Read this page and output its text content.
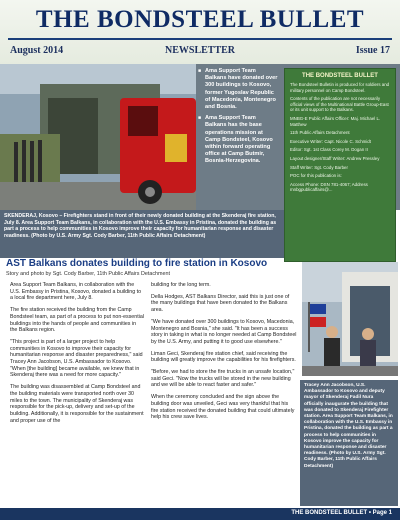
THE BONDSTEEL BULLET
August 2014	NEWSLETTER	Issue 17
■ Ama Support Team Balkans have donated over 300 buildings to Kosovo, former Yugoslav Republic of Macedonia, Montenegro and Bosnia.
■ Ama Support Team Balkans has the base operations mission at Camp Bondsteel, Kosovo within forward operating office at Camp Butmir, Bosnia-Herzegovina.
SKENDERAJ, Kosovo – Firefighters stand in front of their newly donated building at the Skenderaj fire station, July 8. Area Support Team Balkans, in collaboration with the U.S. Embassy in Pristina, donated the building as part a process to help communities in Kosovo improve their capacity for humanitarian response and disaster readiness. (Photo by U.S. Army Sgt. Cody Barber, 11th Public Affairs Detachment)
THE BONDSTEEL BULLET
The Bondsteel Bulletin is produced for soldiers and military personnel on Camp Bondsteel.
Contents of the publication are not necessarily official views of the Multinational Battle Group-East or its unit support to the Balkans.
MNBG-E Public Affairs Officer: Maj. Michael L. Matthew
11th Public Affairs Detachment
Executive Writer: Capt. Nicole C. Schmidt
Editor: Sgt. 1st Class Corey M. Dogan II
Layout designer/Staff Writer: Andrew Pressley
Staff Writer: Sgt. Cody Barber
POC for this publication is:
Access Phone: DSN 781-4067; Address mnbgpublicaffairs@...
AST Balkans donates building to fire station in Kosovo
Story and photo by Sgt. Cody Barber, 11th Public Affairs Detachment

Area Support Team Balkans, in collaboration with the U.S. Embassy in Pristina, Kosovo, donated a building to a local fire department here, July 8.

The fire station received the building from the Camp Bondsteel team, as part of a process to put non-essential buildings into the hands of people and communities in the Balkans region.

"This project is part of a larger project to help communities in Kosovo to improve their capacity for humanitarian response and disaster preparedness," said Tracey Ann Jacobson, U.S. Ambassador to Kosovo. "When [the building] became available, we knew that in Skenderaj there was a need for more capacity."

The building was disassembled at Camp Bondsteel and the building materials were transported north over 30 miles to the town. The municipality of Skenderaj was responsible for the pick-up, delivery and set-up of the building. Additionally, it is responsible for the sustainment and proper use of the

building for the long term.

Della Hodges, AST Balkans Director, said this is just one of the many buildings that have been donated to the Balkans area.

"We have donated over 300 buildings to Kosovo, Macedonia, Montenegro and Bosnia," she said. "It has been a success story in taking in what is no longer needed at Camp Bondsteel by the U.S. Army, and putting it to good use elsewhere."

Liman Geci, Skenderaj fire station chief, said receiving the building will greatly improve the capabilities for his firefighters.

"Before, we had to store the fire trucks in an unsafe location," said Geci. "Now the trucks will be stored in the new building and we will be able to react faster and safer."

When the ceremony concluded and the sign above the building door was unveiled, Geci was very thankful that his fire station received the donated building that could ultimately help his crew save lives.

Tracey Ann Jacobson, U.S. Ambassador to Kosovo and deputy mayor of Skenderaj Fadil Nura officially inaugurate the building that was donated to Skenderaj Firefighter station. Area Support Team Balkans, in collaboration with the U.S. Embassy in Pristina, donated the building as part a process to help communities in Kosovo improve the capacity for humanitarian response and disaster readiness. (Photo by U.S. Army Sgt. Cody Barber, 11th Public Affairs Detachment)
THE BONDSTEEL BULLET • Page 1
